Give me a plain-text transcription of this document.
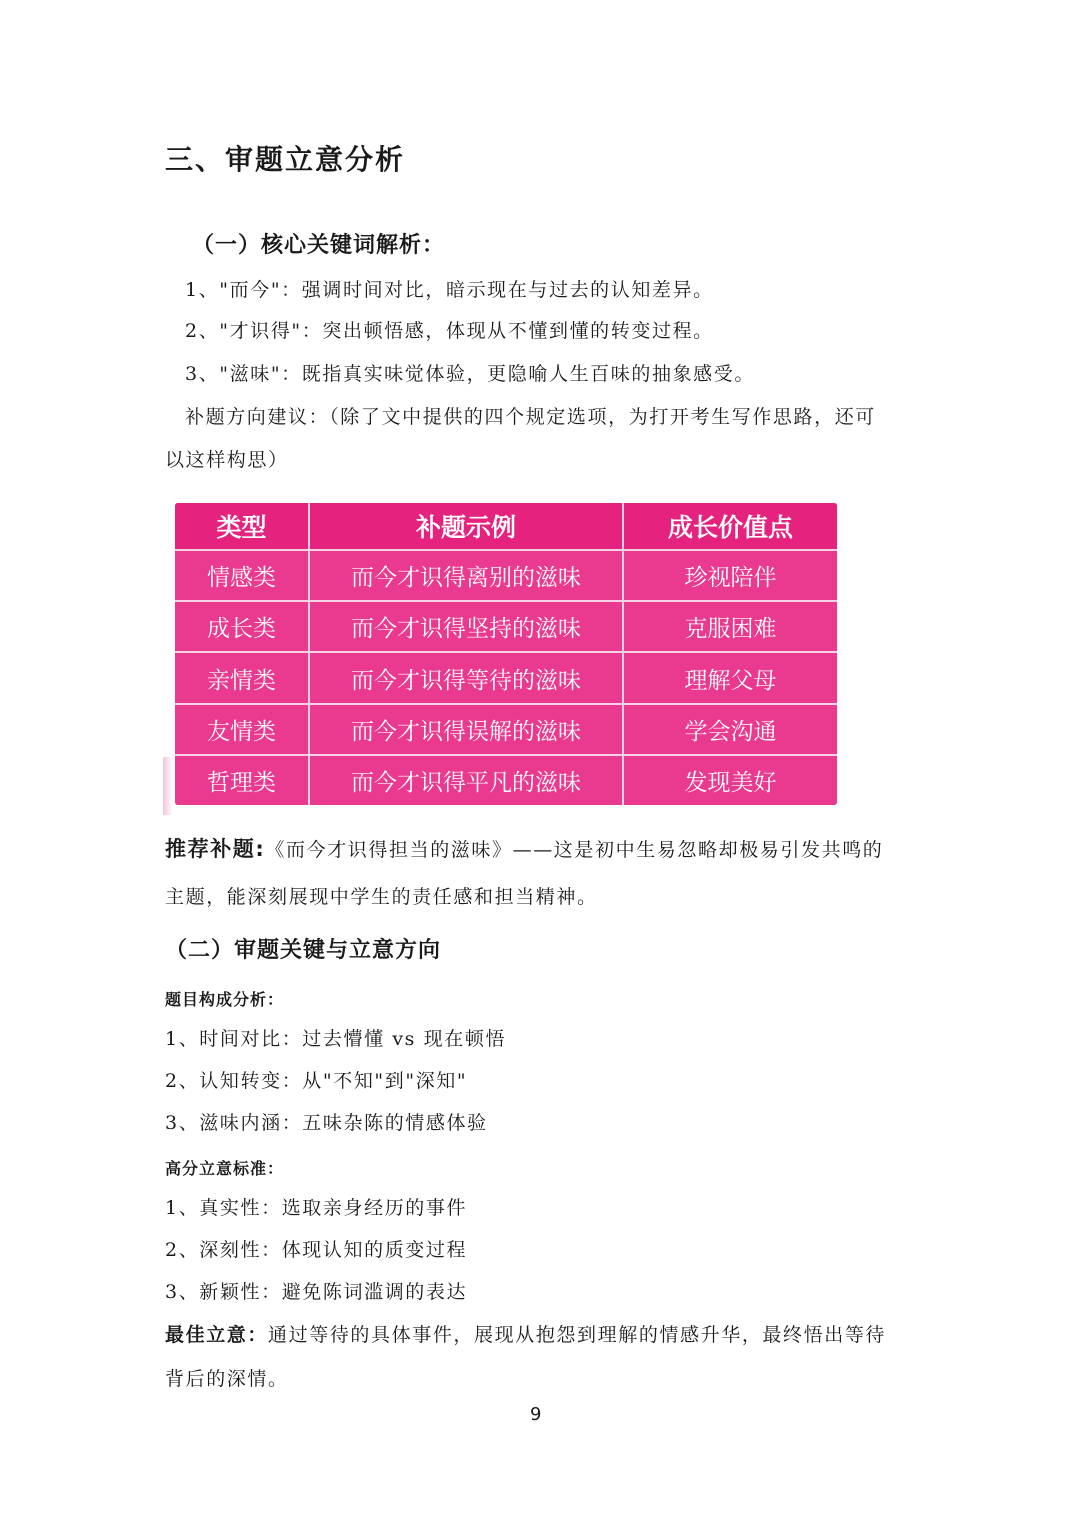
三、审题立意分析
（一）核心关键词解析：
1、"而今"：强调时间对比，暗示现在与过去的认知差异。
2、"才识得"：突出顿悟感，体现从不懂到懂的转变过程。
3、"滋味"：既指真实味觉体验，更隐喻人生百味的抽象感受。
补题方向建议：（除了文中提供的四个规定选项，为打开考生写作思路，还可
以这样构思）
类型	补题示例	成长价值点
情感类	而今才识得离别的滋味	珍视陪伴
成长类	而今才识得坚持的滋味	克服困难
亲情类	而今才识得等待的滋味	理解父母
友情类	而今才识得误解的滋味	学会沟通
哲理类	而今才识得平凡的滋味	发现美好
推荐补题:《而今才识得担当的滋味》——这是初中生易忽略却极易引发共鸣的
主题，能深刻展现中学生的责任感和担当精神。
（二）审题关键与立意方向
题目构成分析：
1、时间对比：过去懵懂 vs 现在顿悟
2、认知转变：从"不知"到"深知"
3、滋味内涵：五味杂陈的情感体验
高分立意标准：
1、真实性：选取亲身经历的事件
2、深刻性：体现认知的质变过程
3、新颖性：避免陈词滥调的表达
最佳立意：通过等待的具体事件，展现从抱怨到理解的情感升华，最终悟出等待
背后的深情。
9
